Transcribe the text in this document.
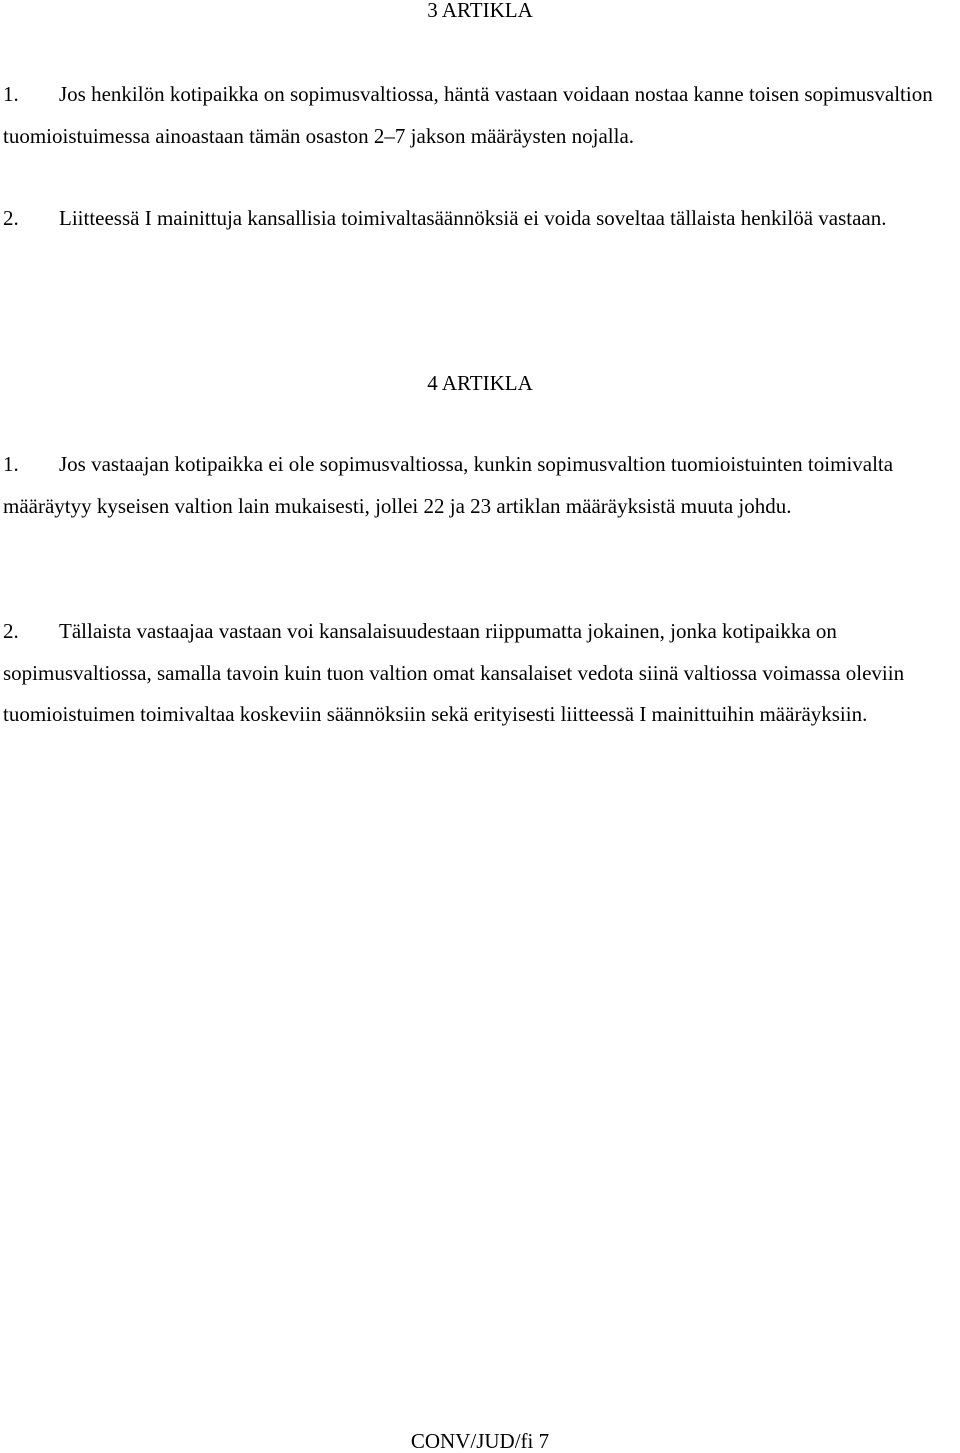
3 ARTIKLA

1. Jos henkilön kotipaikka on sopimusvaltiossa, häntä vastaan voidaan nostaa kanne toisen sopimusvaltion tuomioistuimessa ainoastaan tämän osaston 2–7 jakson määräysten nojalla.

2. Liitteessä I mainittuja kansallisia toimivaltasäännöksiä ei voida soveltaa tällaista henkilöä vastaan.

4 ARTIKLA

1. Jos vastaajan kotipaikka ei ole sopimusvaltiossa, kunkin sopimusvaltion tuomioistuinten toimivalta määräytyy kyseisen valtion lain mukaisesti, jollei 22 ja 23 artiklan määräyksistä muuta johdu.

2. Tällaista vastaajaa vastaan voi kansalaisuudestaan riippumatta jokainen, jonka kotipaikka on sopimusvaltiossa, samalla tavoin kuin tuon valtion omat kansalaiset vedota siinä valtiossa voimassa oleviin tuomioistuimen toimivaltaa koskeviin säännöksiin sekä erityisesti liitteessä I mainittuihin määräyksiin.

CONV/JUD/fi 7
